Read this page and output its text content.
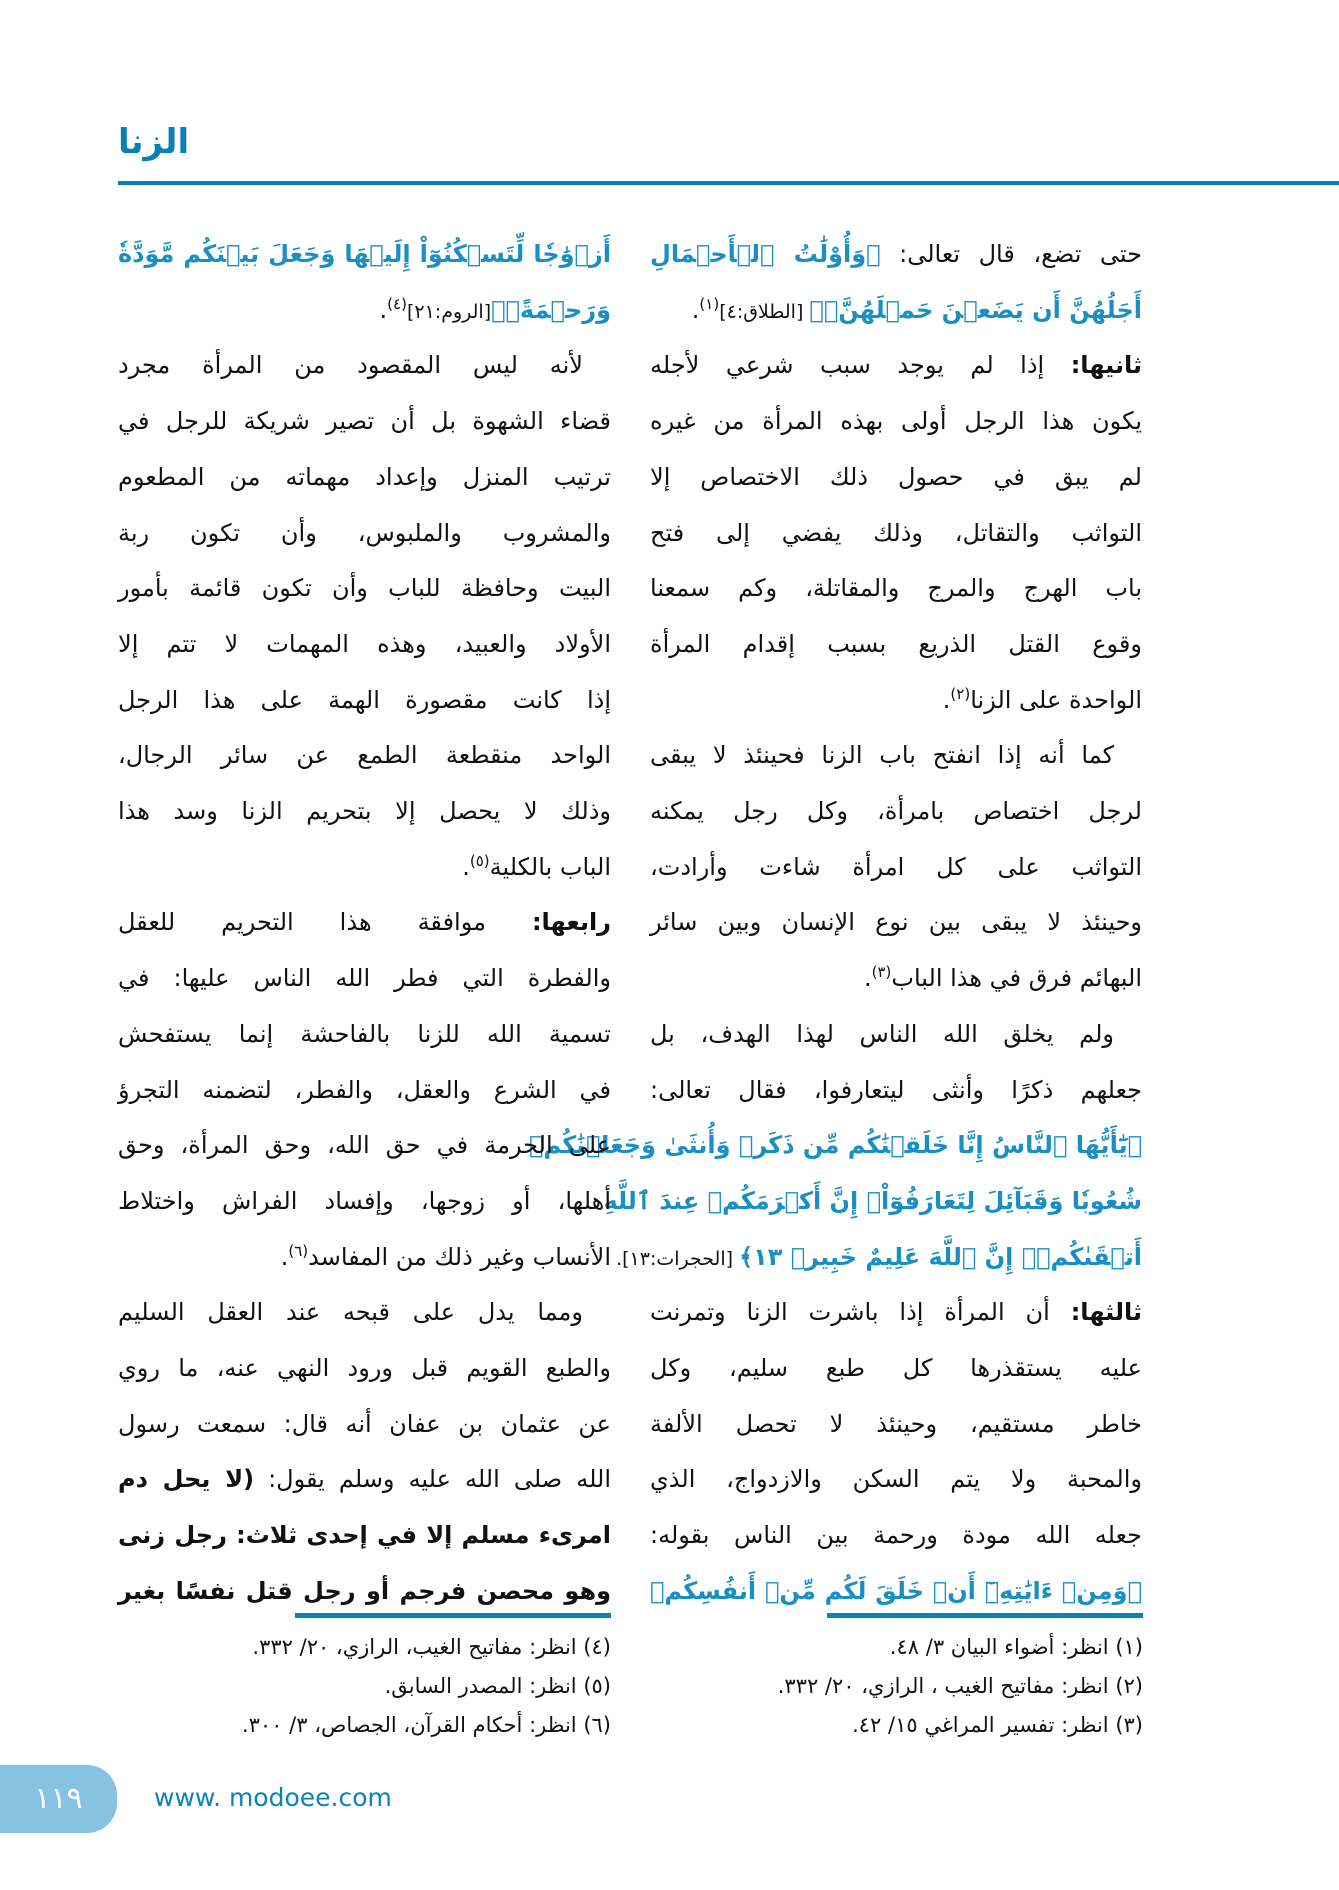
الزنا
حتى تضع، قال تعالى: ﴿وَأُوْلَٰتُ ٱلۡأَحۡمَالِ
أَجَلُهُنَّ أَن يَضَعۡنَ حَمۡلَهُنَّۚ﴾ [الطلاق:٤]$^{(١)}$.
ثانيها: إذا لم يوجد سبب شرعي لأجله
يكون هذا الرجل أولى بهذه المرأة من غيره
لم يبق في حصول ذلك الاختصاص إلا
التواثب والتقاتل، وذلك يفضي إلى فتح
باب الهرج والمرج والمقاتلة، وكم سمعنا
وقوع القتل الذريع بسبب إقدام المرأة
الواحدة على الزنا$^{(٢)}$.
كما أنه إذا انفتح باب الزنا فحينئذ لا يبقى
لرجل اختصاص بامرأة، وكل رجل يمكنه
التواثب على كل امرأة شاءت وأرادت،
وحينئذ لا يبقى بين نوع الإنسان وبين سائر
البهائم فرق في هذا الباب$^{(٣)}$.
ولم يخلق الله الناس لهذا الهدف، بل
جعلهم ذكرًا وأنثى ليتعارفوا، فقال تعالى:
﴿يَٰٓأَيُّهَا ٱلنَّاسُ إِنَّا خَلَقۡنَٰكُم مِّن ذَكَرٖ وَأُنثَىٰ وَجَعَلۡنَٰكُمۡ
شُعُوبٗا وَقَبَآئِلَ لِتَعَارَفُوٓاْۚ إِنَّ أَكۡرَمَكُمۡ عِندَ ٱللَّهِ
أَتۡقَىٰكُمۡۚ إِنَّ ٱللَّهَ عَلِيمٌ خَبِيرٞ ١٣﴾ [الحجرات:١٣].
ثالثها: أن المرأة إذا باشرت الزنا وتمرنت
عليه يستقذرها كل طبع سليم، وكل
خاطر مستقيم، وحينئذ لا تحصل الألفة
والمحبة ولا يتم السكن والازدواج، الذي
جعله الله مودة ورحمة بين الناس بقوله:
﴿وَمِنۡ ءَايَٰتِهِۦٓ أَنۡ خَلَقَ لَكُم مِّنۡ أَنفُسِكُمۡ
أَزۡوَٰجٗا لِّتَسۡكُنُوٓاْ إِلَيۡهَا وَجَعَلَ بَيۡنَكُم مَّوَدَّةٗ
وَرَحۡمَةًۚ﴾[الروم:٢١]$^{(٤)}$.
لأنه ليس المقصود من المرأة مجرد
قضاء الشهوة بل أن تصير شريكة للرجل في
ترتيب المنزل وإعداد مهماته من المطعوم
والمشروب والملبوس، وأن تكون ربة
البيت وحافظة للباب وأن تكون قائمة بأمور
الأولاد والعبيد، وهذه المهمات لا تتم إلا
إذا كانت مقصورة الهمة على هذا الرجل
الواحد منقطعة الطمع عن سائر الرجال،
وذلك لا يحصل إلا بتحريم الزنا وسد هذا
الباب بالكلية$^{(٥)}$.
رابعها: موافقة هذا التحريم للعقل
والفطرة التي فطر الله الناس عليها: في
تسمية الله للزنا بالفاحشة إنما يستفحش
في الشرع والعقل، والفطر، لتضمنه التجرؤ
على الحرمة في حق الله، وحق المرأة، وحق
أهلها، أو زوجها، وإفساد الفراش واختلاط
الأنساب وغير ذلك من المفاسد$^{(٦)}$.
ومما يدل على قبحه عند العقل السليم
والطبع القويم قبل ورود النهي عنه، ما روي
عن عثمان بن عفان أنه قال: سمعت رسول
الله صلى الله عليه وسلم يقول: (لا يحل دم
امرىء مسلم إلا في إحدى ثلاث: رجل زنى
وهو محصن فرجم أو رجل قتل نفسًا بغير
(١) انظر: أضواء البيان ٣/ ٤٨.
(٢) انظر: مفاتيح الغيب ، الرازي، ٢٠/ ٣٣٢.
(٣) انظر: تفسير المراغي ١٥/ ٤٢.
(٤) انظر: مفاتيح الغيب، الرازي، ٢٠/ ٣٣٢.
(٥) انظر: المصدر السابق.
(٦) انظر: أحكام القرآن، الجصاص، ٣/ ٣٠٠.
١١٩	www. modoee.com
